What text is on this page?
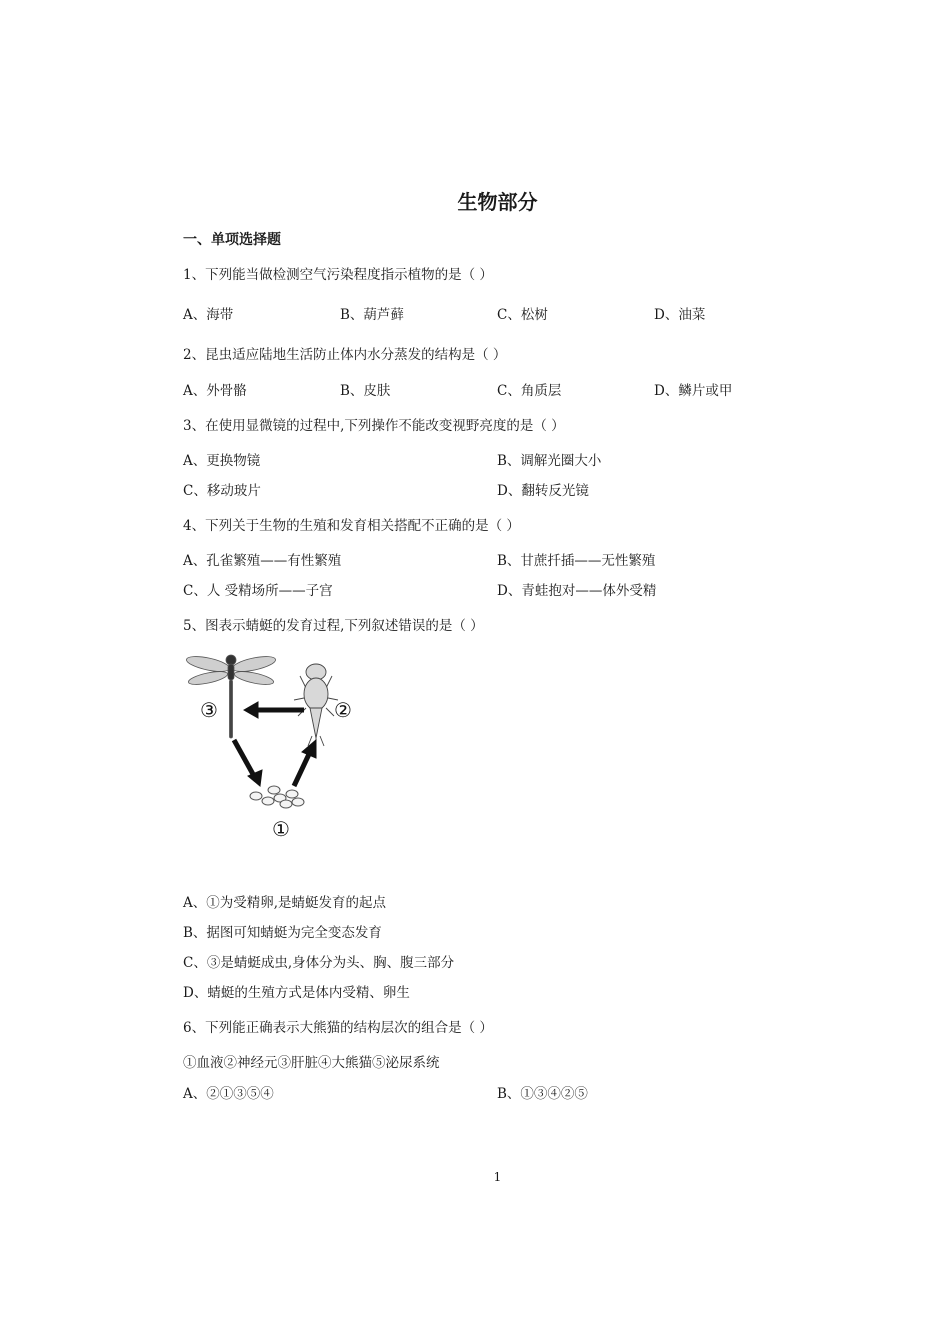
生物部分
一、单项选择题
1、下列能当做检测空气污染程度指示植物的是（ ）
A、海带	B、葫芦藓	C、松树	D、油菜
2、昆虫适应陆地生活防止体内水分蒸发的结构是（ ）
A、外骨骼	B、皮肤	C、角质层	D、鳞片或甲
3、在使用显微镜的过程中,下列操作不能改变视野亮度的是（ ）
A、更换物镜	B、调解光圈大小
C、移动玻片	D、翻转反光镜
4、下列关于生物的生殖和发育相关搭配不正确的是（ ）
A、孔雀繁殖——有性繁殖	B、甘蔗扦插——无性繁殖
C、人 受精场所——子宫	D、青蛙抱对——体外受精
5、图表示蜻蜓的发育过程,下列叙述错误的是（ ）
③	②
①
A、①为受精卵,是蜻蜓发育的起点
B、据图可知蜻蜓为完全变态发育
C、③是蜻蜓成虫,身体分为头、胸、腹三部分
D、蜻蜓的生殖方式是体内受精、卵生
6、下列能正确表示大熊猫的结构层次的组合是（ ）
①血液②神经元③肝脏④大熊猫⑤泌尿系统
A、②①③⑤④	B、①③④②⑤
1
